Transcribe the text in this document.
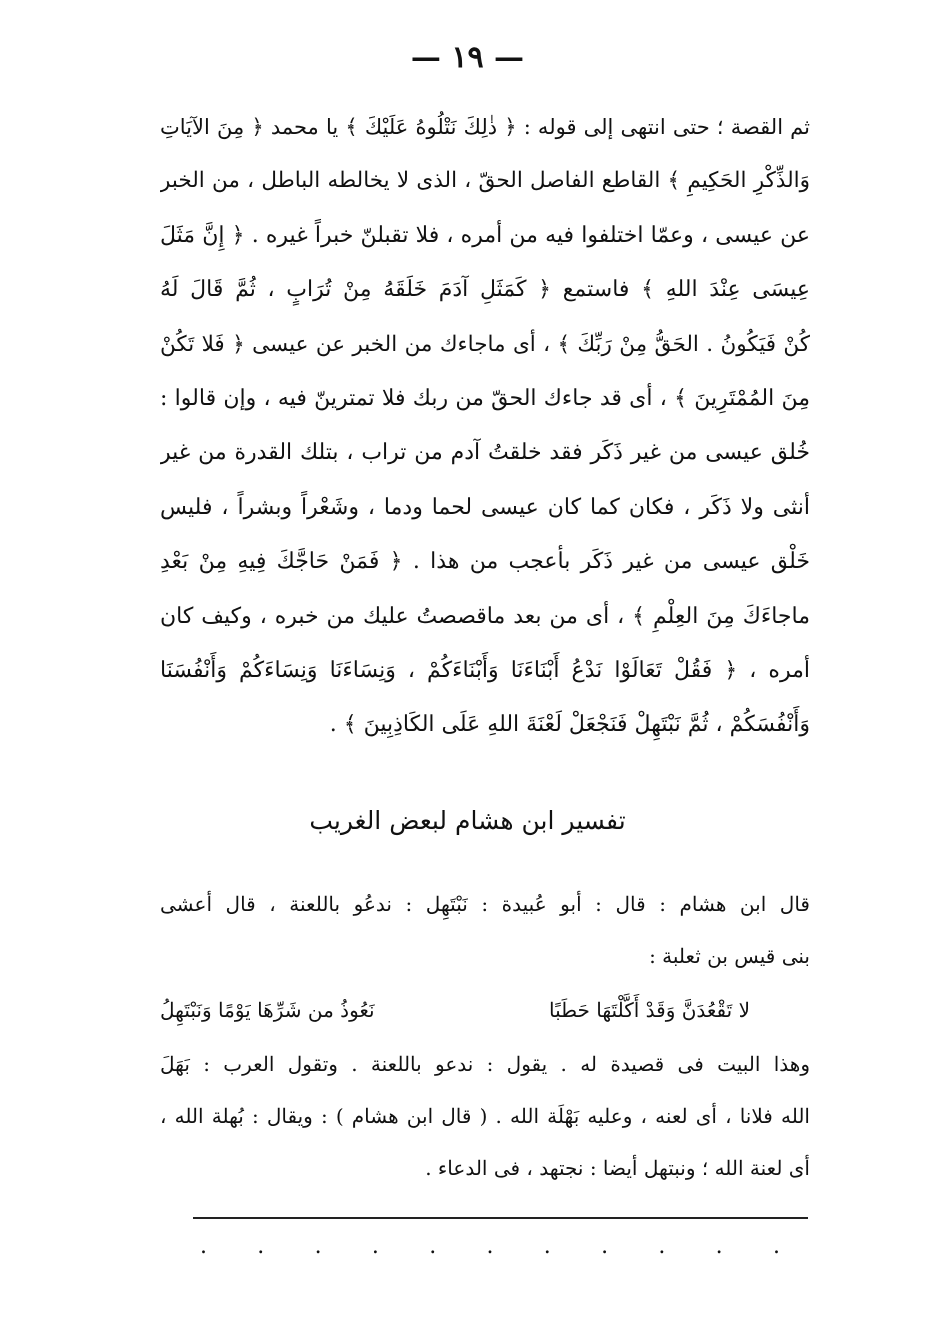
— ١٩ —
ثم القصة ؛ حتى انتهى إلى قوله : ﴿ ذٰلِكَ نَتْلُوهُ عَلَيْكَ ﴾ يا محمد ﴿ مِنَ الآيَاتِ
وَالذِّكْرِ الحَكِيمِ ﴾ القاطع الفاصل الحقّ ، الذى لا يخالطه الباطل ، من الخبر
عن عيسى ، وعمّا اختلفوا فيه من أمره ، فلا تقبلنّ خبراً غيره . ﴿ إِنَّ مَثَلَ
عِيسَى عِنْدَ اللهِ ﴾ فاستمع ﴿ كَمَثَلِ آدَمَ خَلَقَهُ مِنْ تُرَابٍ ، ثُمَّ قَالَ لَهُ
كُنْ فَيَكُونُ . الحَقُّ مِنْ رَبِّكَ ﴾ ، أى ماجاءك من الخبر عن عيسى ﴿ فَلا تَكُنْ
مِنَ المُمْتَرِينَ ﴾ ، أى قد جاءك الحقّ من ربك فلا تمترينّ فيه ، وإن قالوا :
خُلق عيسى من غير ذَكَر فقد خلقتُ آدم من تراب ، بتلك القدرة من غير
أنثى ولا ذَكَر ، فكان كما كان عيسى لحما ودما ، وشَعْراً وبشراً ، فليس
خَلْق عيسى من غير ذَكَر بأعجب من هذا . ﴿ فَمَنْ حَاجَّكَ فِيهِ مِنْ بَعْدِ
ماجاءَكَ مِنَ العِلْمِ ﴾ ، أى من بعد ماقصصتُ عليك من خبره ، وكيف كان
أمره ، ﴿ فَقُلْ تَعَالَوْا نَدْعُ أَبْنَاءَنَا وَأَبْنَاءَكُمْ ، وَنِسَاءَنَا وَنِسَاءَكُمْ وَأَنْفُسَنَا
وَأَنْفُسَكُمْ ، ثُمَّ نَبْتَهِلْ فَنَجْعَلْ لَعْنَةَ اللهِ عَلَى الكَاذِبِينَ ﴾ .
تفسير ابن هشام لبعض الغريب
قال ابن هشام : قال : أبو عُبيدة : نَبْتَهِل : ندعُو باللعنة ، قال أعشى
بنى قيس بن ثعلبة :
لا تَقْعُدَنَّ وَقَدْ أَكَّلْتَهَا حَطَبًا
نَعُوذُ من شَرِّهَا يَوْمًا وَنَبْتَهِلُ
وهذا البيت فى قصيدة له . يقول : ندعو باللعنة . وتقول العرب : بَهَلَ
الله فلانا ، أى لعنه ، وعليه بَهْلَة الله . ( قال ابن هشام ) : ويقال : بُهلة الله ،
أى لعنة الله ؛ ونبتهل أيضا : نجتهد ، فى الدعاء .
. . . . . . . . . . .
